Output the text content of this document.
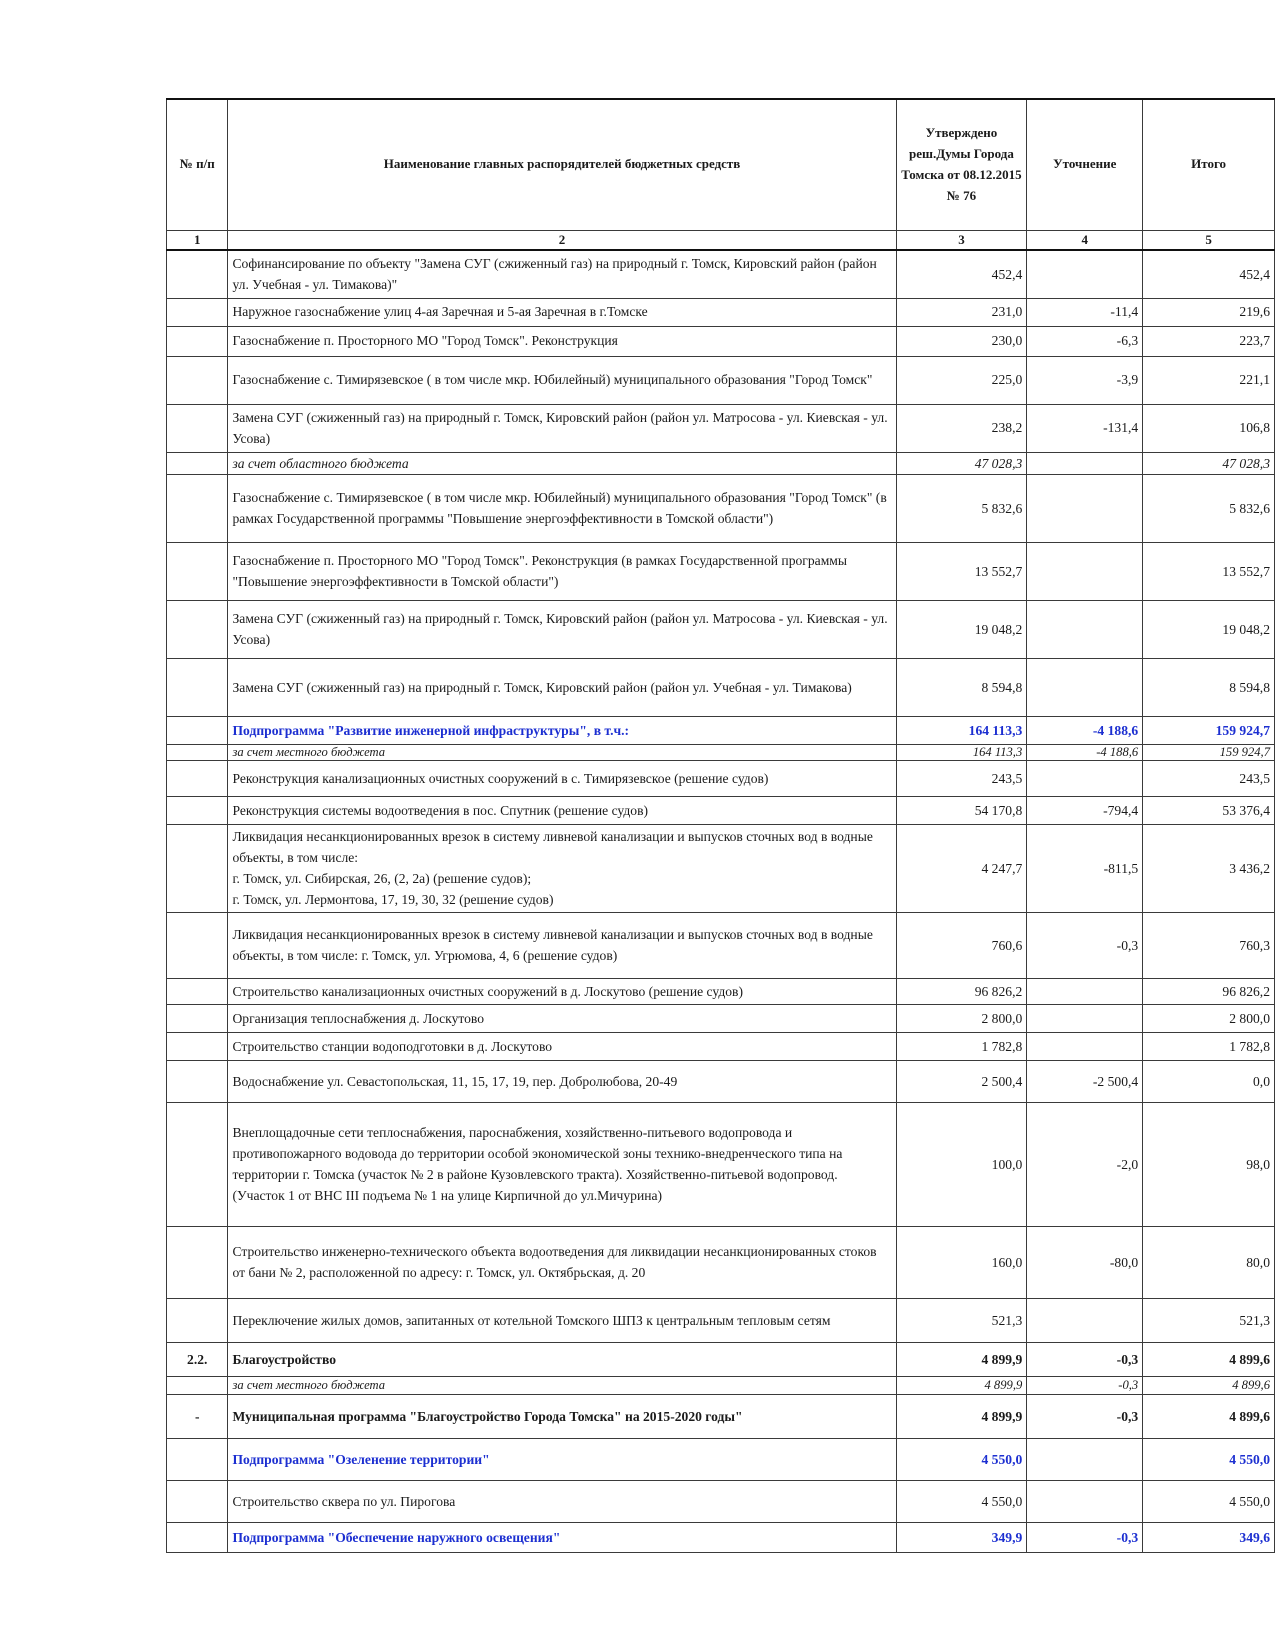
№ п/п	Наименование главных распорядителей бюджетных средств	Утверждено реш.Думы Города Томска от 08.12.2015 № 76	Уточнение	Итого
1	2	3	4	5
	Софинансирование по объекту "Замена СУГ (сжиженный газ) на природный г. Томск, Кировский район (район ул. Учебная - ул. Тимакова)"	452,4		452,4
	Наружное газоснабжение улиц 4-ая Заречная и 5-ая Заречная в г.Томске	231,0	-11,4	219,6
	Газоснабжение п. Просторного МО "Город Томск". Реконструкция	230,0	-6,3	223,7
	Газоснабжение с. Тимирязевское ( в том числе мкр. Юбилейный) муниципального образования "Город Томск"	225,0	-3,9	221,1
	Замена СУГ (сжиженный газ) на природный г. Томск, Кировский район (район ул. Матросова - ул. Киевская - ул. Усова)	238,2	-131,4	106,8
	за счет областного бюджета	47 028,3		47 028,3
	Газоснабжение с. Тимирязевское ( в том числе мкр. Юбилейный) муниципального образования "Город Томск" (в рамках Государственной программы "Повышение энергоэффективности в Томской области")	5 832,6		5 832,6
	Газоснабжение п. Просторного МО "Город Томск". Реконструкция (в рамках Государственной программы "Повышение энергоэффективности в Томской области")	13 552,7		13 552,7
	Замена СУГ (сжиженный газ) на природный г. Томск, Кировский район (район ул. Матросова - ул. Киевская - ул. Усова)	19 048,2		19 048,2
	Замена СУГ (сжиженный газ) на природный г. Томск, Кировский район (район ул. Учебная - ул. Тимакова)	8 594,8		8 594,8
	Подпрограмма "Развитие инженерной инфраструктуры", в т.ч.:	164 113,3	-4 188,6	159 924,7
	за счет местного бюджета	164 113,3	-4 188,6	159 924,7
	Реконструкция канализационных очистных сооружений в с. Тимирязевское (решение судов)	243,5		243,5
	Реконструкция системы водоотведения в пос. Спутник (решение судов)	54 170,8	-794,4	53 376,4
	Ликвидация несанкционированных врезок в систему ливневой канализации и выпусков сточных вод в водные объекты, в том числе:
г. Томск, ул. Сибирская, 26, (2, 2а) (решение судов);
г. Томск, ул. Лермонтова, 17, 19, 30, 32 (решение судов)	4 247,7	-811,5	3 436,2
	Ликвидация несанкционированных врезок в систему ливневой канализации и выпусков сточных вод в водные объекты, в том числе: г. Томск, ул. Угрюмова, 4, 6 (решение судов)	760,6	-0,3	760,3
	Строительство канализационных очистных сооружений в д. Лоскутово (решение судов)	96 826,2		96 826,2
	Организация теплоснабжения д. Лоскутово	2 800,0		2 800,0
	Строительство станции водоподготовки в д. Лоскутово	1 782,8		1 782,8
	Водоснабжение ул. Севастопольская, 11, 15, 17, 19, пер. Добролюбова, 20-49	2 500,4	-2 500,4	0,0
	Внеплощадочные сети теплоснабжения, пароснабжения, хозяйственно-питьевого водопровода и противопожарного водовода до территории особой экономической зоны технико-внедренческого типа на территории г. Томска (участок № 2 в районе Кузовлевского тракта). Хозяйственно-питьевой водопровод. (Участок 1 от ВНС III подъема № 1 на улице Кирпичной до ул.Мичурина)	100,0	-2,0	98,0
	Строительство инженерно-технического объекта водоотведения для ликвидации несанкционированных стоков от бани № 2, расположенной по адресу: г. Томск, ул. Октябрьская, д. 20	160,0	-80,0	80,0
	Переключение жилых домов, запитанных от котельной Томского ШПЗ к центральным тепловым сетям	521,3		521,3
2.2.	Благоустройство	4 899,9	-0,3	4 899,6
	за счет местного бюджета	4 899,9	-0,3	4 899,6
-	Муниципальная программа "Благоустройство Города Томска" на 2015-2020 годы"	4 899,9	-0,3	4 899,6
	Подпрограмма "Озеленение территории"	4 550,0		4 550,0
	Строительство сквера по ул. Пирогова	4 550,0		4 550,0
	Подпрограмма "Обеспечение наружного освещения"	349,9	-0,3	349,6
